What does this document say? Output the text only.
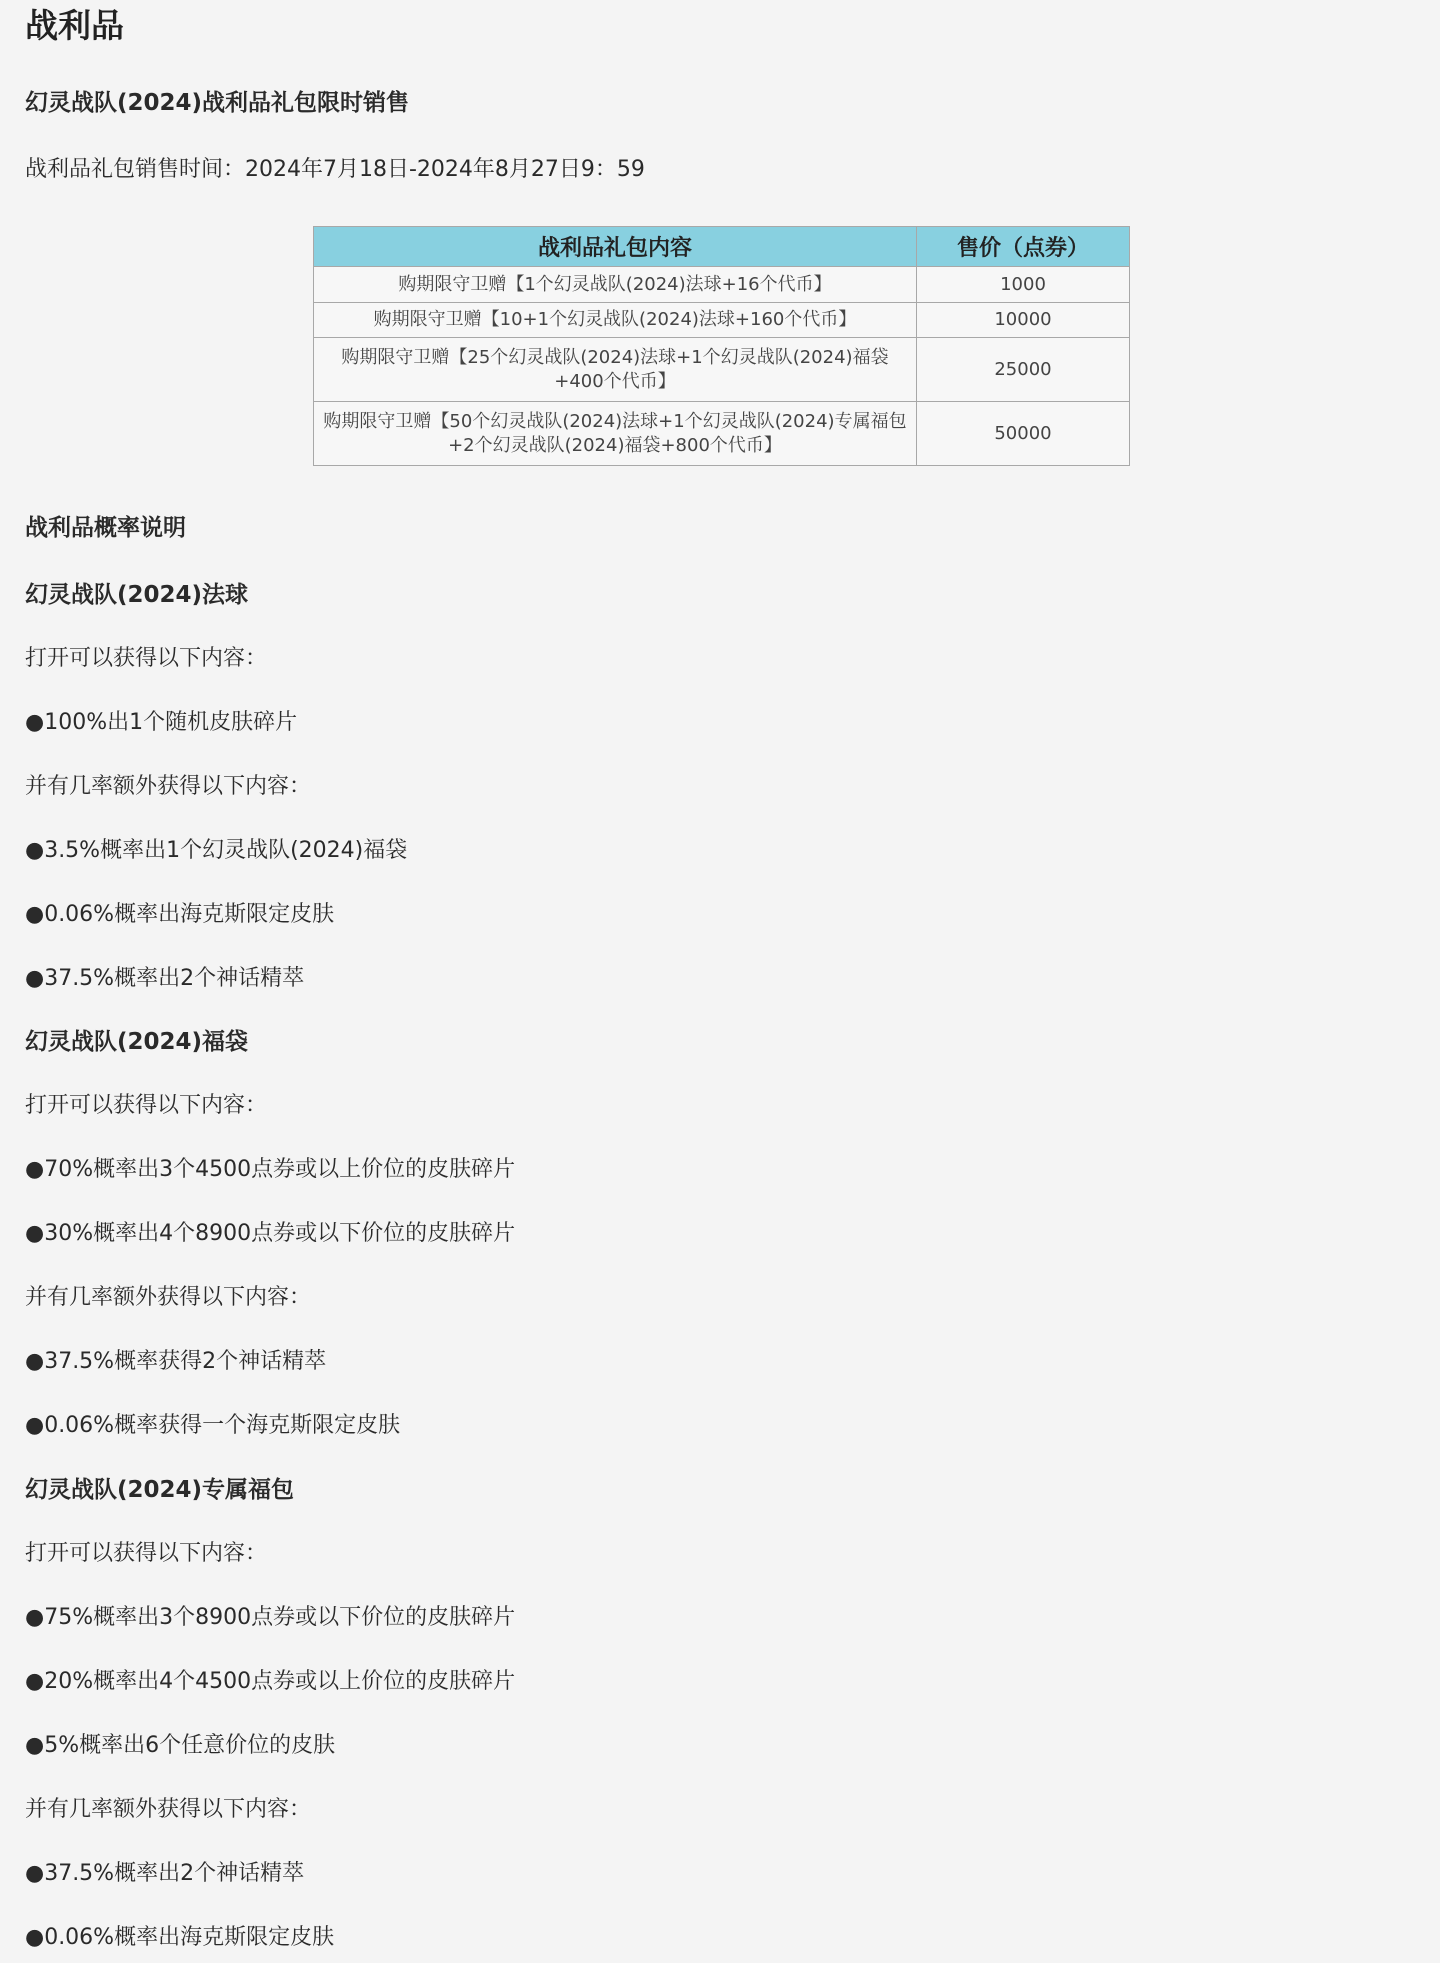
战利品
幻灵战队(2024)战利品礼包限时销售
战利品礼包销售时间：2024年7月18日-2024年8月27日9：59
战利品礼包内容	售价（点券）
购期限守卫赠【1个幻灵战队(2024)法球+16个代币】	1000
购期限守卫赠【10+1个幻灵战队(2024)法球+160个代币】	10000
购期限守卫赠【25个幻灵战队(2024)法球+1个幻灵战队(2024)福袋+400个代币】	25000
购期限守卫赠【50个幻灵战队(2024)法球+1个幻灵战队(2024)专属福包+2个幻灵战队(2024)福袋+800个代币】	50000
战利品概率说明
幻灵战队(2024)法球
打开可以获得以下内容：
●100%出1个随机皮肤碎片
并有几率额外获得以下内容：
●3.5%概率出1个幻灵战队(2024)福袋
●0.06%概率出海克斯限定皮肤
●37.5%概率出2个神话精萃
幻灵战队(2024)福袋
打开可以获得以下内容：
●70%概率出3个4500点券或以上价位的皮肤碎片
●30%概率出4个8900点券或以下价位的皮肤碎片
并有几率额外获得以下内容：
●37.5%概率获得2个神话精萃
●0.06%概率获得一个海克斯限定皮肤
幻灵战队(2024)专属福包
打开可以获得以下内容：
●75%概率出3个8900点券或以下价位的皮肤碎片
●20%概率出4个4500点券或以上价位的皮肤碎片
●5%概率出6个任意价位的皮肤
并有几率额外获得以下内容：
●37.5%概率出2个神话精萃
●0.06%概率出海克斯限定皮肤
